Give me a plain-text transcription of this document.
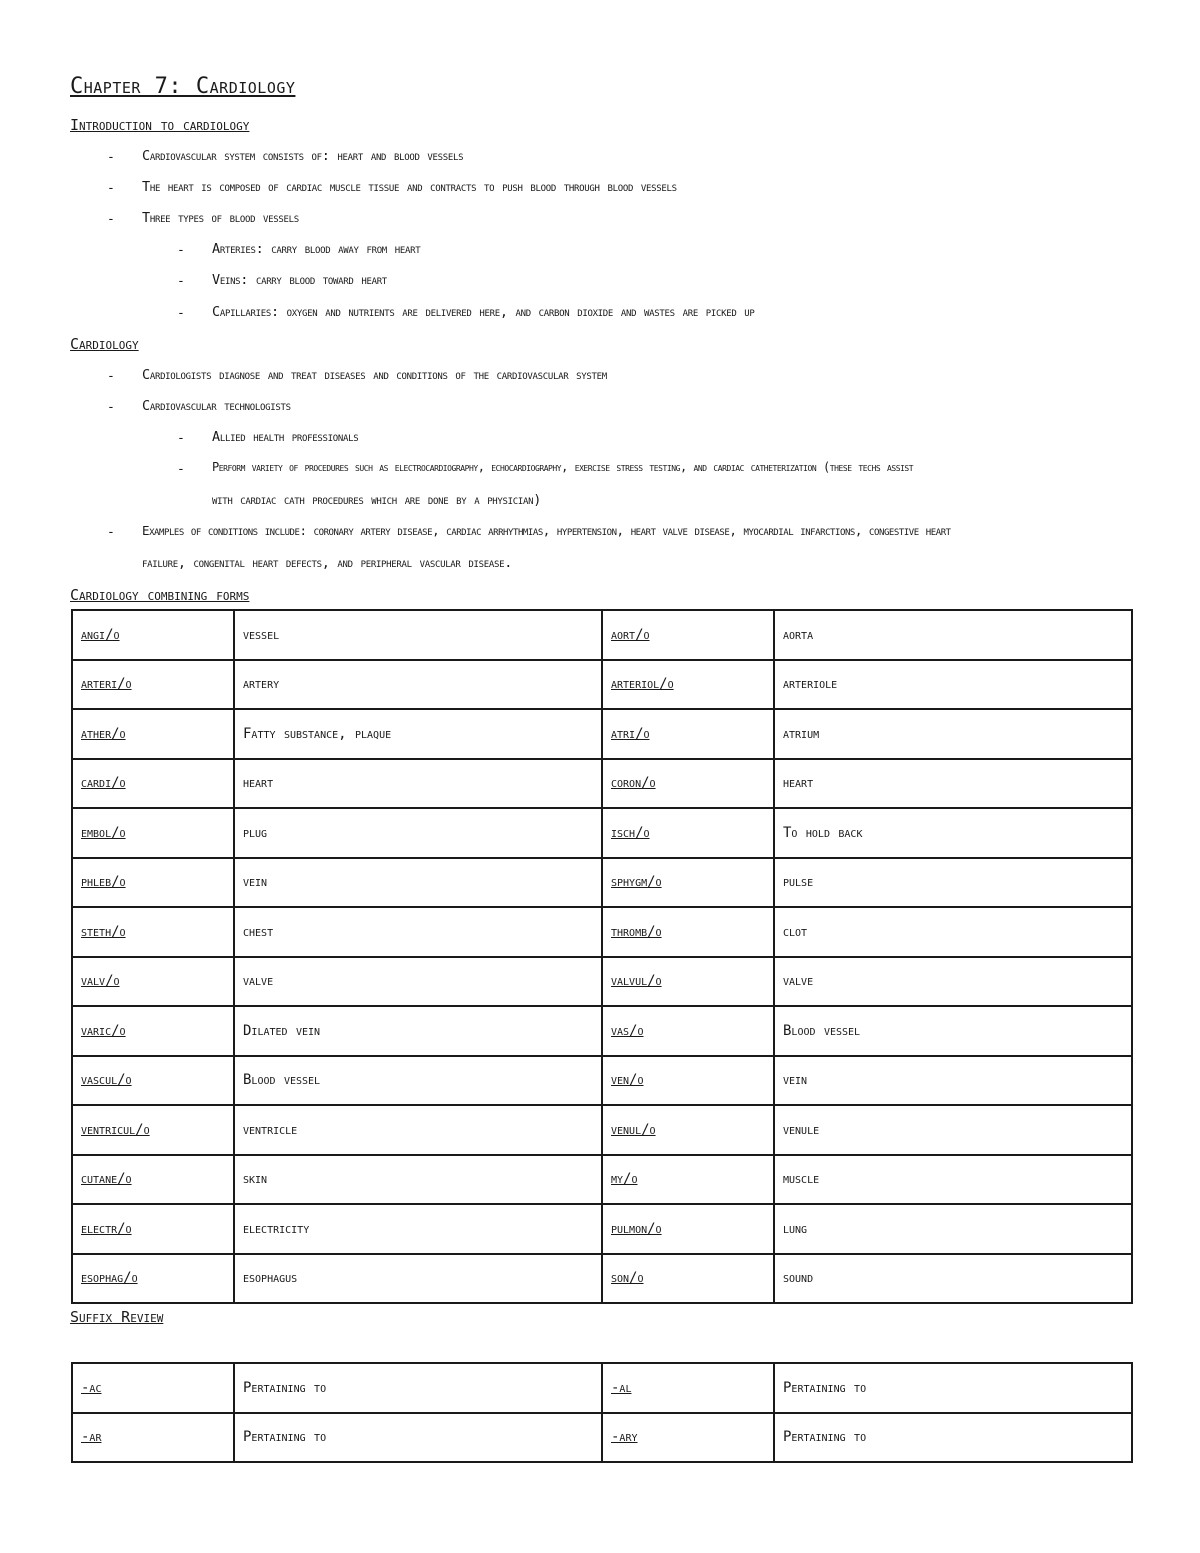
Chapter 7: Cardiology
Introduction to cardiology
- Cardiovascular system consists of: heart and blood vessels
- The heart is composed of cardiac muscle tissue and contracts to push blood through blood vessels
- Three types of blood vessels
- Arteries: carry blood away from heart
- Veins: carry blood toward heart
- Capillaries: oxygen and nutrients are delivered here, and carbon dioxide and wastes are picked up
Cardiology
- Cardiologists diagnose and treat diseases and conditions of the cardiovascular system
- Cardiovascular technologists
- Allied health professionals
- Perform variety of procedures such as electrocardiography, echocardiography, exercise stress testing, and cardiac catheterization (these techs assist
with cardiac cath procedures which are done by a physician)
- Examples of conditions include: coronary artery disease, cardiac arrhythmias, hypertension, heart valve disease, myocardial infarctions, congestive heart
failure, congenital heart defects, and peripheral vascular disease.
Cardiology combining forms
angi/o	vessel	aort/o	aorta
arteri/o	artery	arteriol/o	arteriole
ather/o	Fatty substance, plaque	atri/o	atrium
cardi/o	heart	coron/o	heart
embol/o	plug	isch/o	To hold back
phleb/o	vein	sphygm/o	pulse
steth/o	chest	thromb/o	clot
valv/o	valve	valvul/o	valve
varic/o	Dilated vein	vas/o	Blood vessel
vascul/o	Blood vessel	ven/o	vein
ventricul/o	ventricle	venul/o	venule
cutane/o	skin	my/o	muscle
electr/o	electricity	pulmon/o	lung
esophag/o	esophagus	son/o	sound
Suffix Review
-ac	Pertaining to	-al	Pertaining to
-ar	Pertaining to	-ary	Pertaining to
